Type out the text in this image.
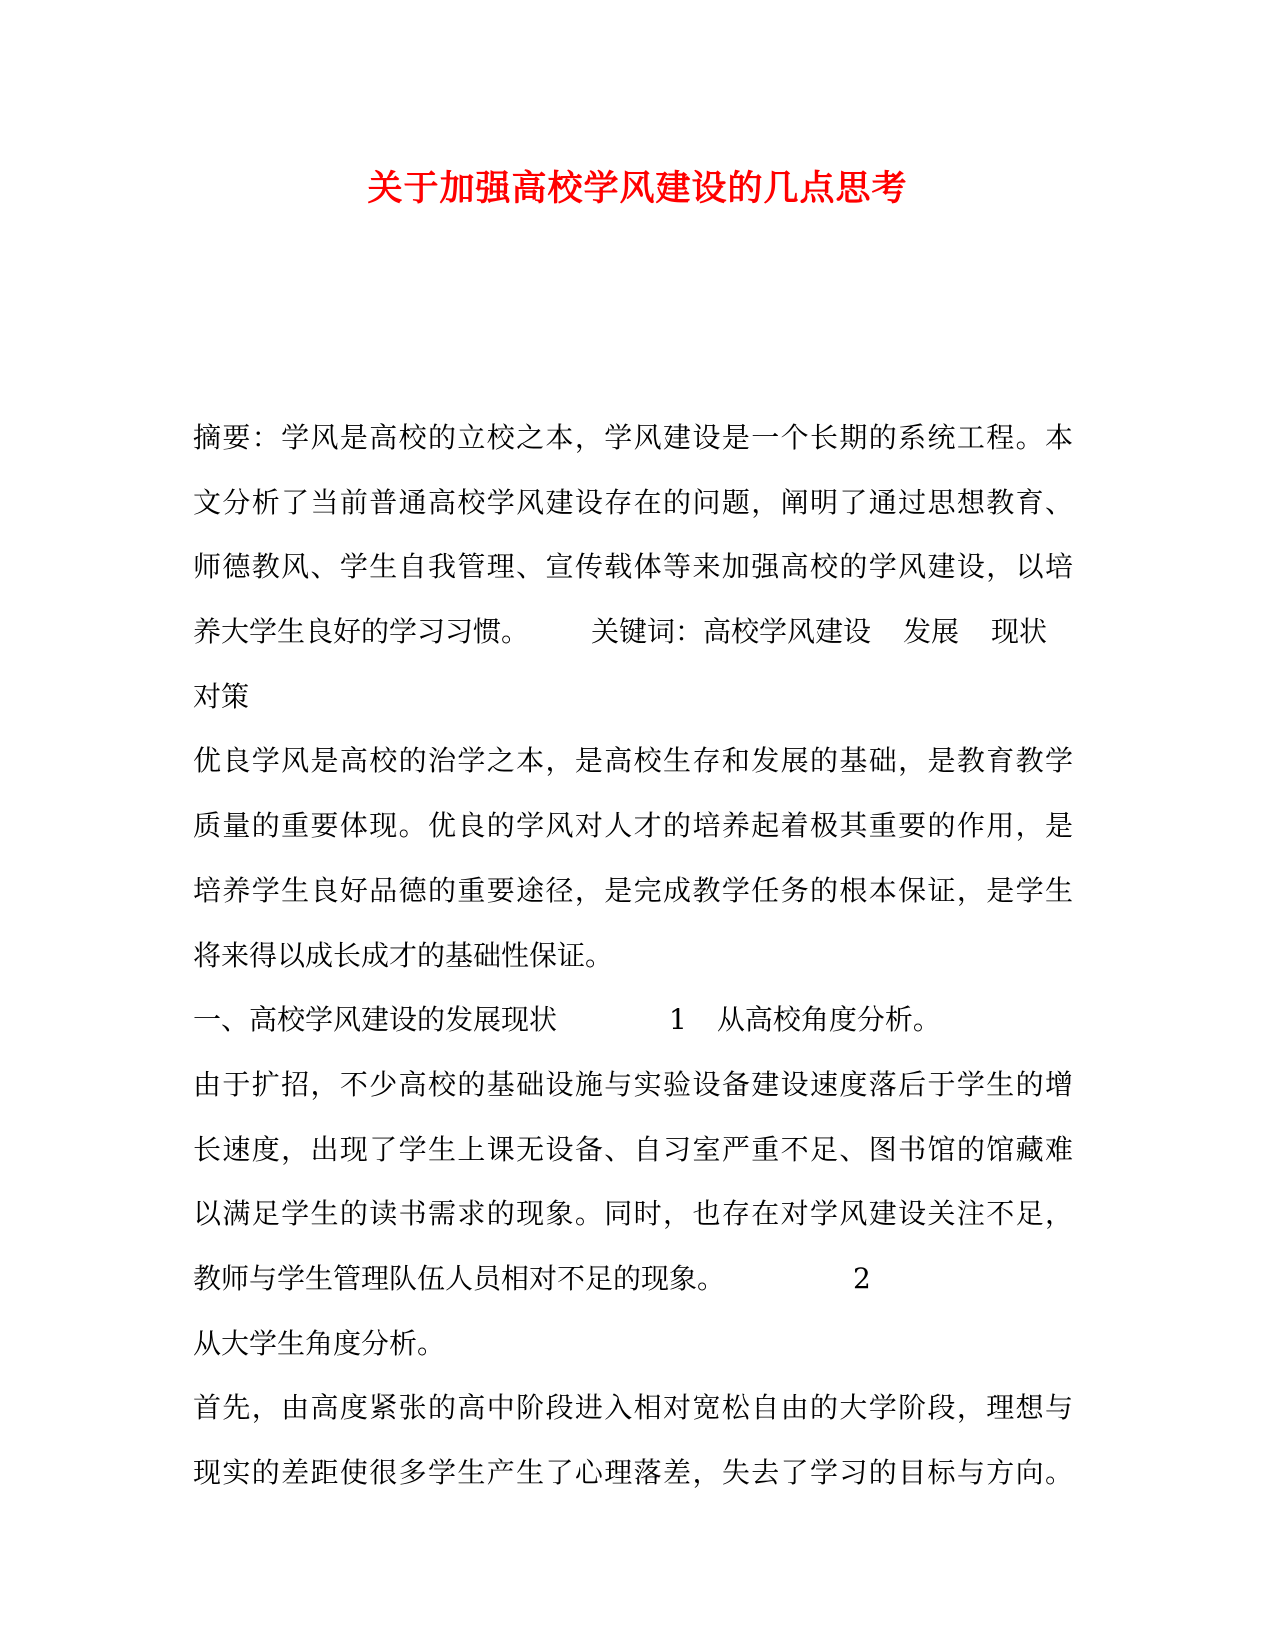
关于加强高校学风建设的几点思考
摘要：学风是高校的立校之本，学风建设是一个长期的系统工程。本
文分析了当前普通高校学风建设存在的问题，阐明了通过思想教育、
师德教风、学生自我管理、宣传载体等来加强高校的学风建设，以培
养大学生良好的学习习惯。 关键词：高校学风建设 发展 现状
对策
优良学风是高校的治学之本，是高校生存和发展的基础，是教育教学
质量的重要体现。优良的学风对人才的培养起着极其重要的作用，是
培养学生良好品德的重要途径，是完成教学任务的根本保证，是学生
将来得以成长成才的基础性保证。
一、高校学风建设的发展现状	1 从高校角度分析。
由于扩招，不少高校的基础设施与实验设备建设速度落后于学生的增
长速度，出现了学生上课无设备、自习室严重不足、图书馆的馆藏难
以满足学生的读书需求的现象。同时，也存在对学风建设关注不足，
教师与学生管理队伍人员相对不足的现象。	2
从大学生角度分析。
首先，由高度紧张的高中阶段进入相对宽松自由的大学阶段，理想与
现实的差距使很多学生产生了心理落差，失去了学习的目标与方向。
